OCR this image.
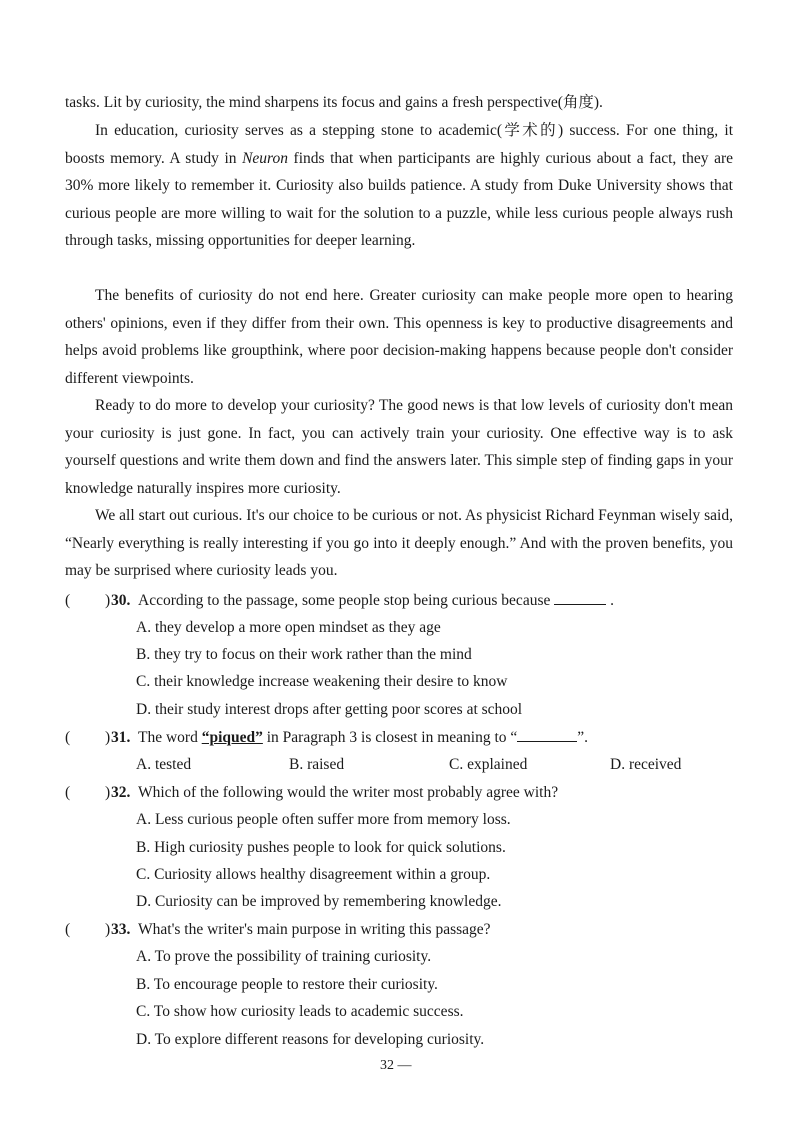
tasks. Lit by curiosity, the mind sharpens its focus and gains a fresh perspective(角度).

In education, curiosity serves as a stepping stone to academic(学术的) success. For one thing, it boosts memory. A study in Neuron finds that when participants are highly curious about a fact, they are 30% more likely to remember it. Curiosity also builds patience. A study from Duke University shows that curious people are more willing to wait for the solution to a puzzle, while less curious people always rush through tasks, missing opportunities for deeper learning.

The benefits of curiosity do not end here. Greater curiosity can make people more open to hearing others' opinions, even if they differ from their own. This openness is key to productive disagreements and helps avoid problems like groupthink, where poor decision-making happens because people don't consider different viewpoints.

Ready to do more to develop your curiosity? The good news is that low levels of curiosity don't mean your curiosity is just gone. In fact, you can actively train your curiosity. One effective way is to ask yourself questions and write them down and find the answers later. This simple step of finding gaps in your knowledge naturally inspires more curiosity.

We all start out curious. It's our choice to be curious or not. As physicist Richard Feynman wisely said, “Nearly everything is really interesting if you go into it deeply enough.” And with the proven benefits, you may be surprised where curiosity leads you.

( ) 30. According to the passage, some people stop being curious because	.
A. they develop a more open mindset as they age
B. they try to focus on their work rather than the mind
C. their knowledge increase weakening their desire to know
D. their study interest drops after getting poor scores at school
( ) 31. The word “piqued” in Paragraph 3 is closest in meaning to “	”.
A. tested	B. raised	C. explained	D. received
( ) 32. Which of the following would the writer most probably agree with?
A. Less curious people often suffer more from memory loss.
B. High curiosity pushes people to look for quick solutions.
C. Curiosity allows healthy disagreement within a group.
D. Curiosity can be improved by remembering knowledge.
( ) 33. What's the writer's main purpose in writing this passage?
A. To prove the possibility of training curiosity.
B. To encourage people to restore their curiosity.
C. To show how curiosity leads to academic success.
D. To explore different reasons for developing curiosity.
32 —
